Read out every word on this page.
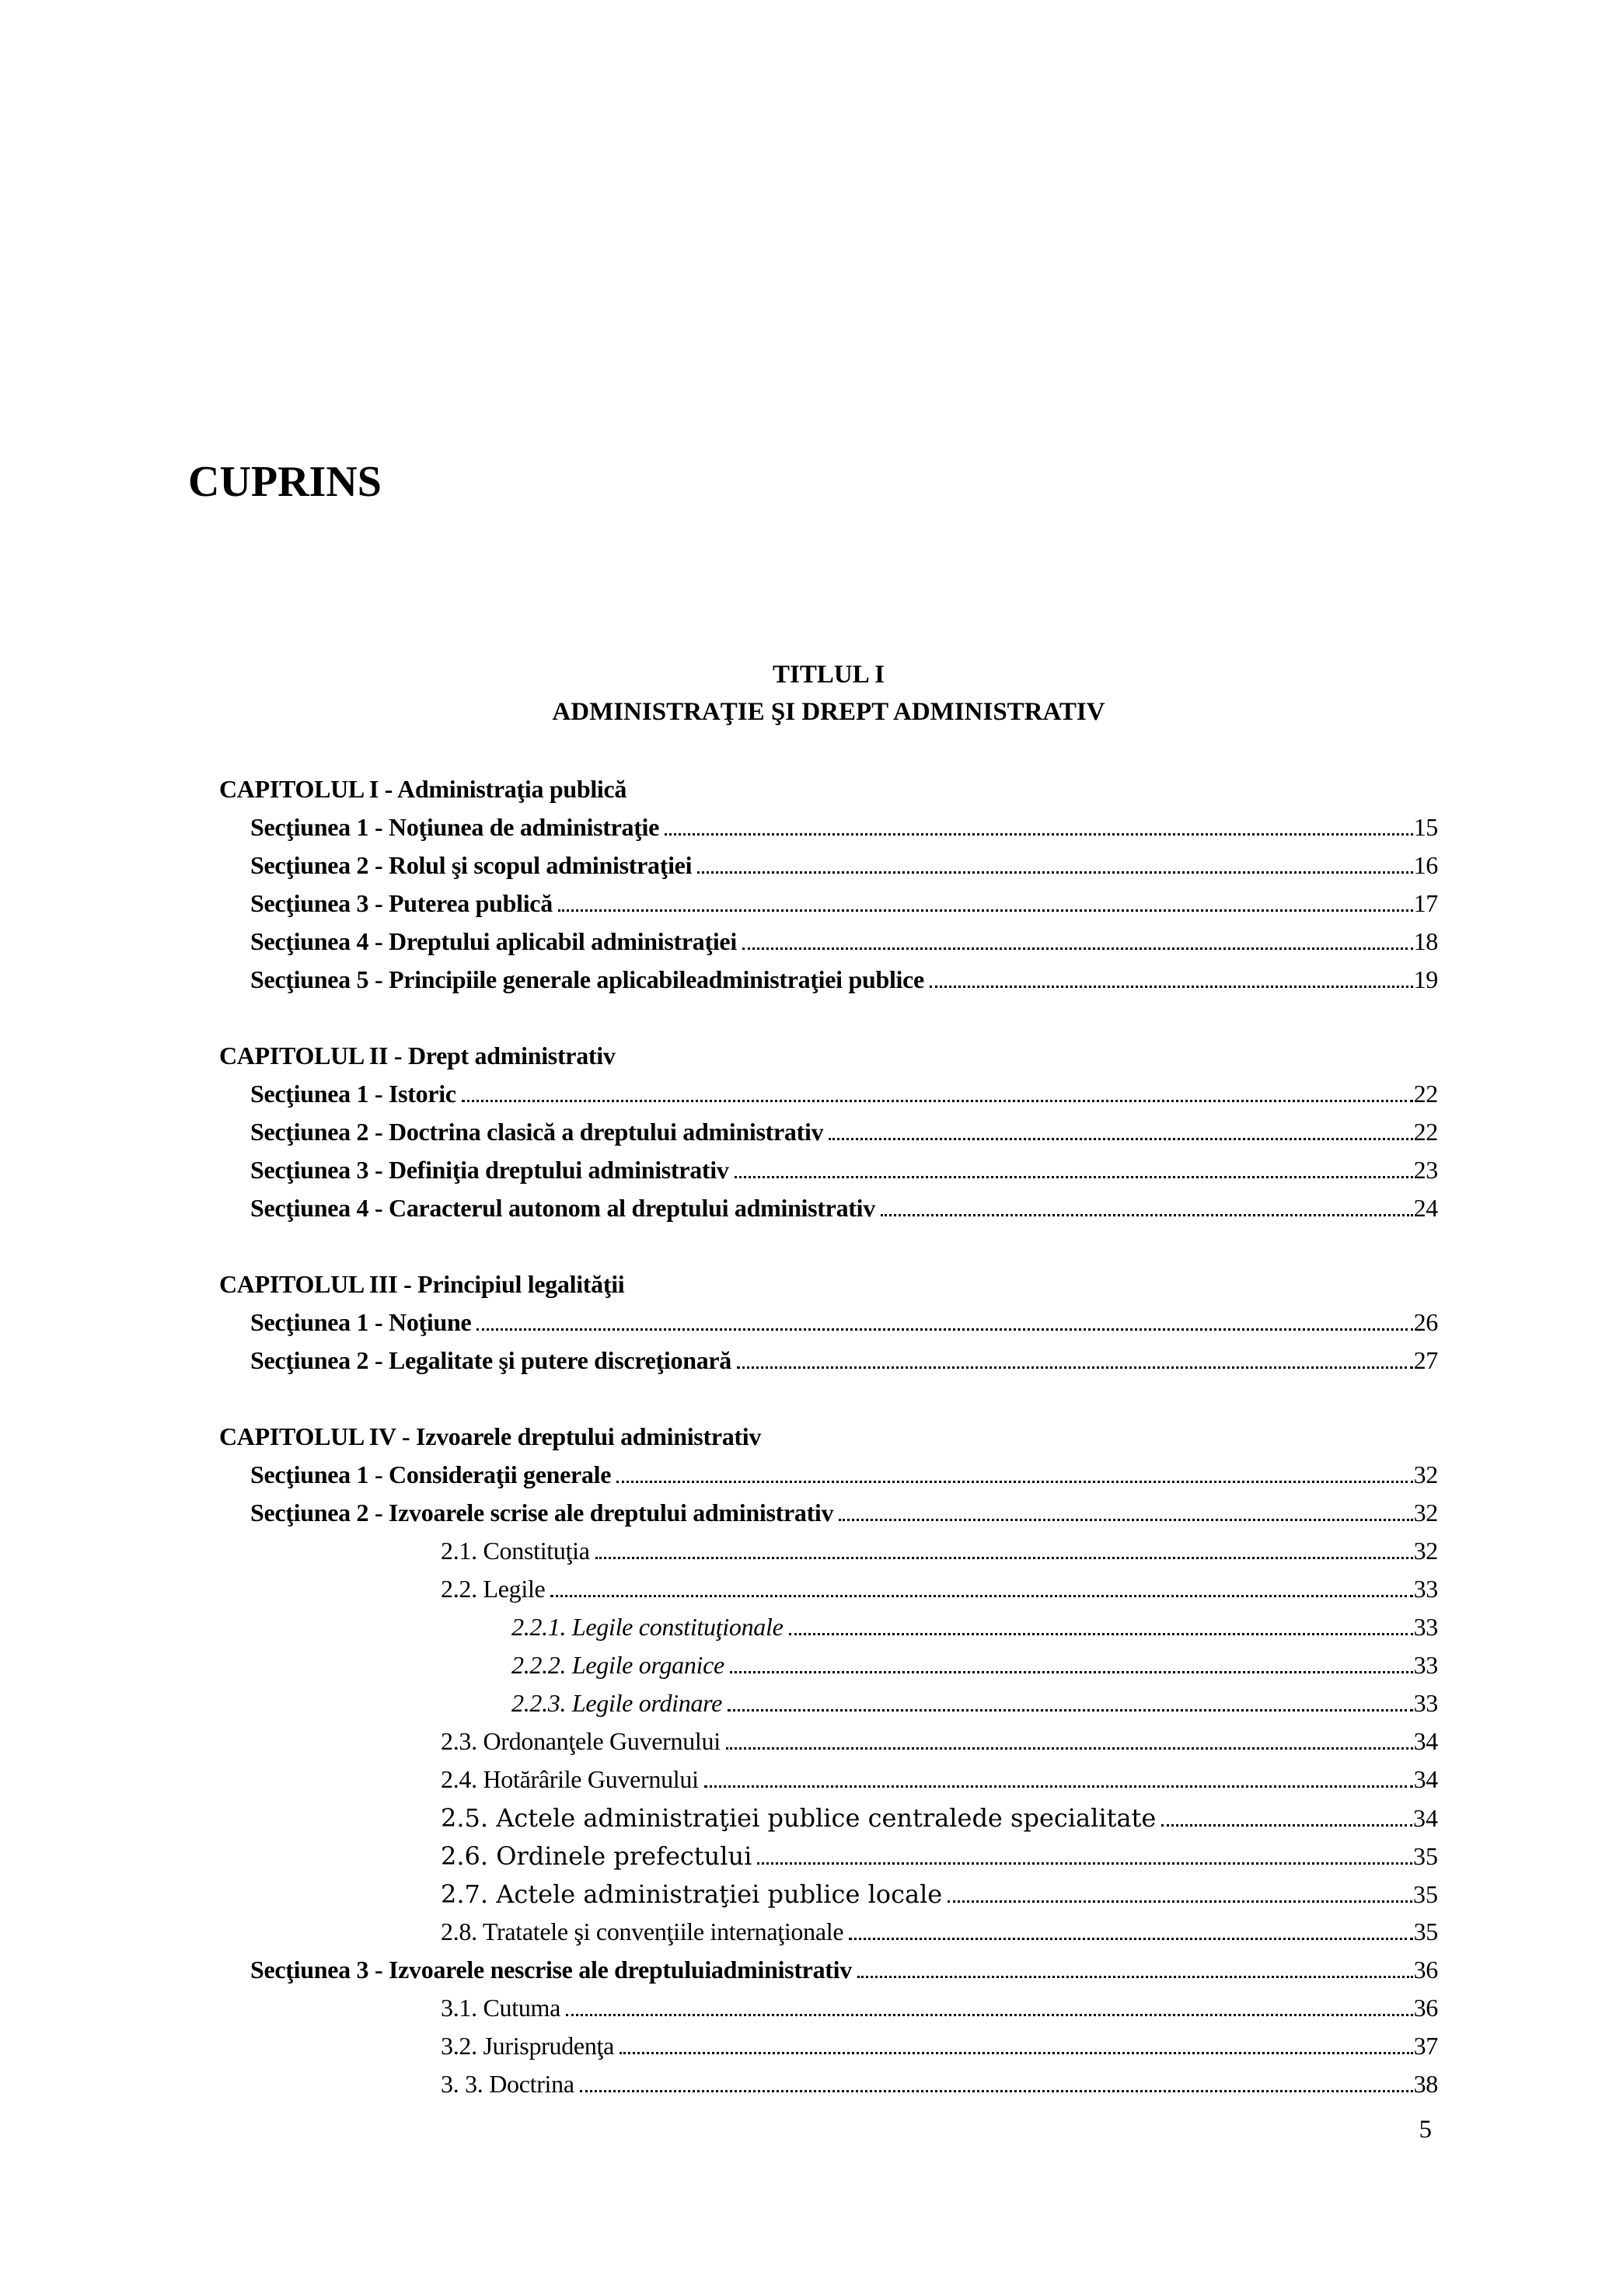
CUPRINS
TITLUL I
ADMINISTRAŢIE ŞI DREPT ADMINISTRATIV
CAPITOLUL I - Administraţia publică
Secţiunea 1 - Noţiunea de administraţie	15
Secţiunea 2 - Rolul şi scopul administraţiei	16
Secţiunea 3 - Puterea publică	17
Secţiunea 4 - Dreptului aplicabil administraţiei	18
Secţiunea 5 - Principiile generale aplicabileadministraţiei publice	19
CAPITOLUL II - Drept administrativ
Secţiunea 1 - Istoric	22
Secţiunea 2 - Doctrina clasică a dreptului administrativ	22
Secţiunea 3 - Definiţia dreptului administrativ	23
Secţiunea 4 - Caracterul autonom al dreptului administrativ	24
CAPITOLUL III - Principiul legalităţii
Secţiunea 1 - Noţiune	26
Secţiunea 2 - Legalitate şi putere discreţionară	27
CAPITOLUL IV - Izvoarele dreptului administrativ
Secţiunea 1 - Consideraţii generale	32
Secţiunea 2 - Izvoarele scrise ale dreptului administrativ	32
2.1. Constituţia	32
2.2. Legile	33
2.2.1. Legile constituţionale	33
2.2.2. Legile organice	33
2.2.3. Legile ordinare	33
2.3. Ordonanţele Guvernului	34
2.4. Hotărârile Guvernului	34
2.5. Actele administraţiei publice centralede specialitate	34
2.6. Ordinele prefectului	35
2.7. Actele administraţiei publice locale	35
2.8. Tratatele şi convenţiile internaţionale	35
Secţiunea 3 - Izvoarele nescrise ale dreptuluiadministrativ	36
3.1. Cutuma	36
3.2. Jurisprudenţa	37
3. 3. Doctrina	38
5
